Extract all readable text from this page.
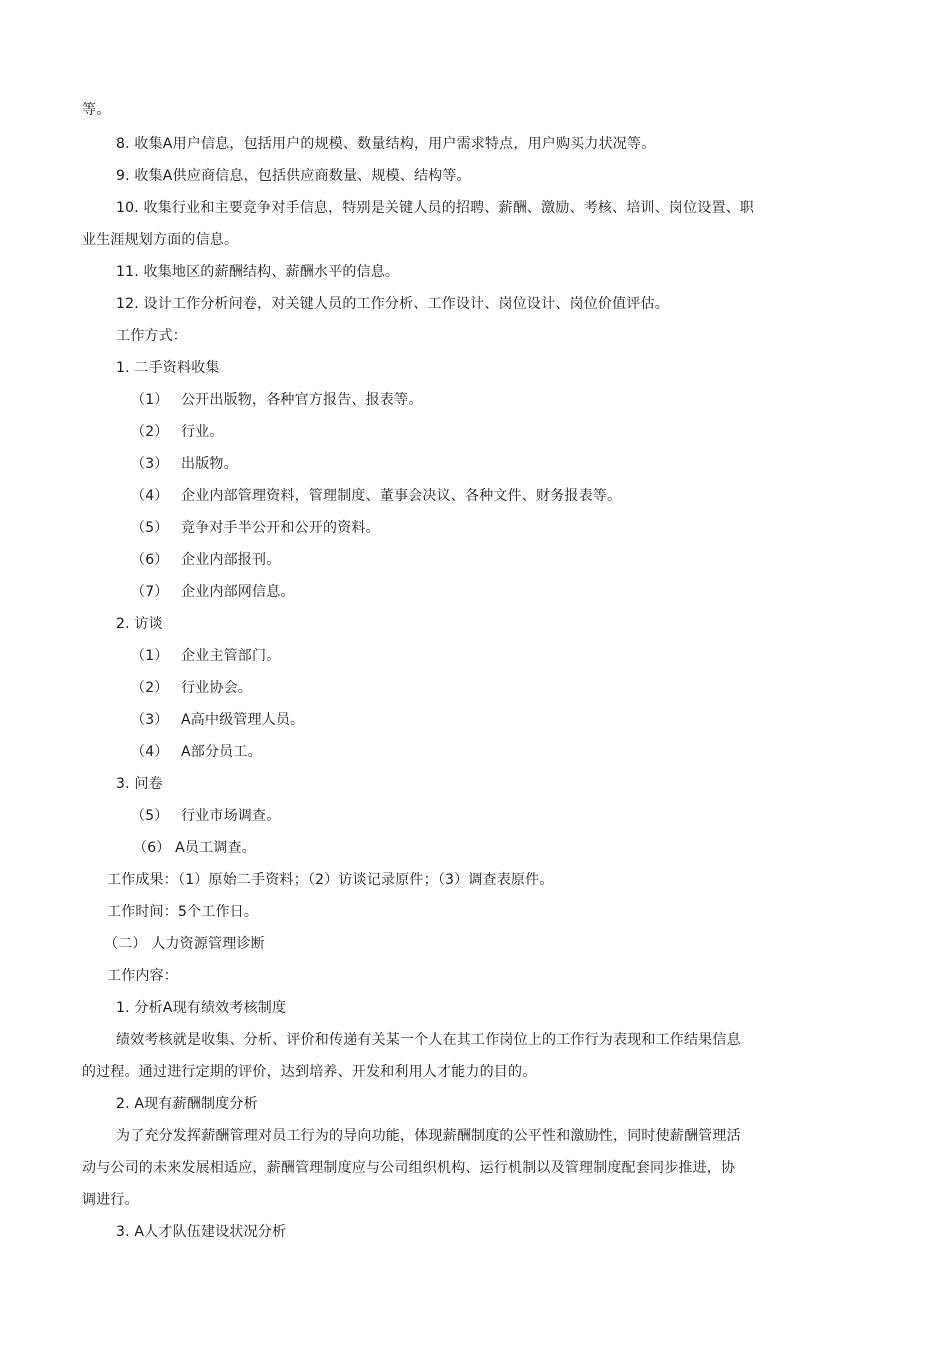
等。
8. 收集A用户信息，包括用户的规模、数量结构，用户需求特点，用户购买力状况等。
9. 收集A供应商信息，包括供应商数量、规模、结构等。
10. 收集行业和主要竞争对手信息，特别是关键人员的招聘、薪酬、激励、考核、培训、岗位设置、职
业生涯规划方面的信息。
11. 收集地区的薪酬结构、薪酬水平的信息。
12. 设计工作分析问卷，对关键人员的工作分析、工作设计、岗位设计、岗位价值评估。
工作方式：
1. 二手资料收集
（1） 公开出版物，各种官方报告、报表等。
（2） 行业。
（3） 出版物。
（4） 企业内部管理资料，管理制度、董事会决议、各种文件、财务报表等。
（5） 竞争对手半公开和公开的资料。
（6） 企业内部报刊。
（7） 企业内部网信息。
2. 访谈
（1） 企业主管部门。
（2） 行业协会。
（3） A高中级管理人员。
（4） A部分员工。
3. 问卷
（5） 行业市场调查。
（6） A员工调查。
工作成果：（1）原始二手资料；（2）访谈记录原件；（3）调查表原件。
工作时间：5个工作日。
（二） 人力资源管理诊断
工作内容：
1. 分析A现有绩效考核制度
绩效考核就是收集、分析、评价和传递有关某一个人在其工作岗位上的工作行为表现和工作结果信息
的过程。通过进行定期的评价，达到培养、开发和利用人才能力的目的。
2. A现有薪酬制度分析
为了充分发挥薪酬管理对员工行为的导向功能，体现薪酬制度的公平性和激励性，同时使薪酬管理活
动与公司的未来发展相适应，薪酬管理制度应与公司组织机构、运行机制以及管理制度配套同步推进，协
调进行。
3. A人才队伍建设状况分析
